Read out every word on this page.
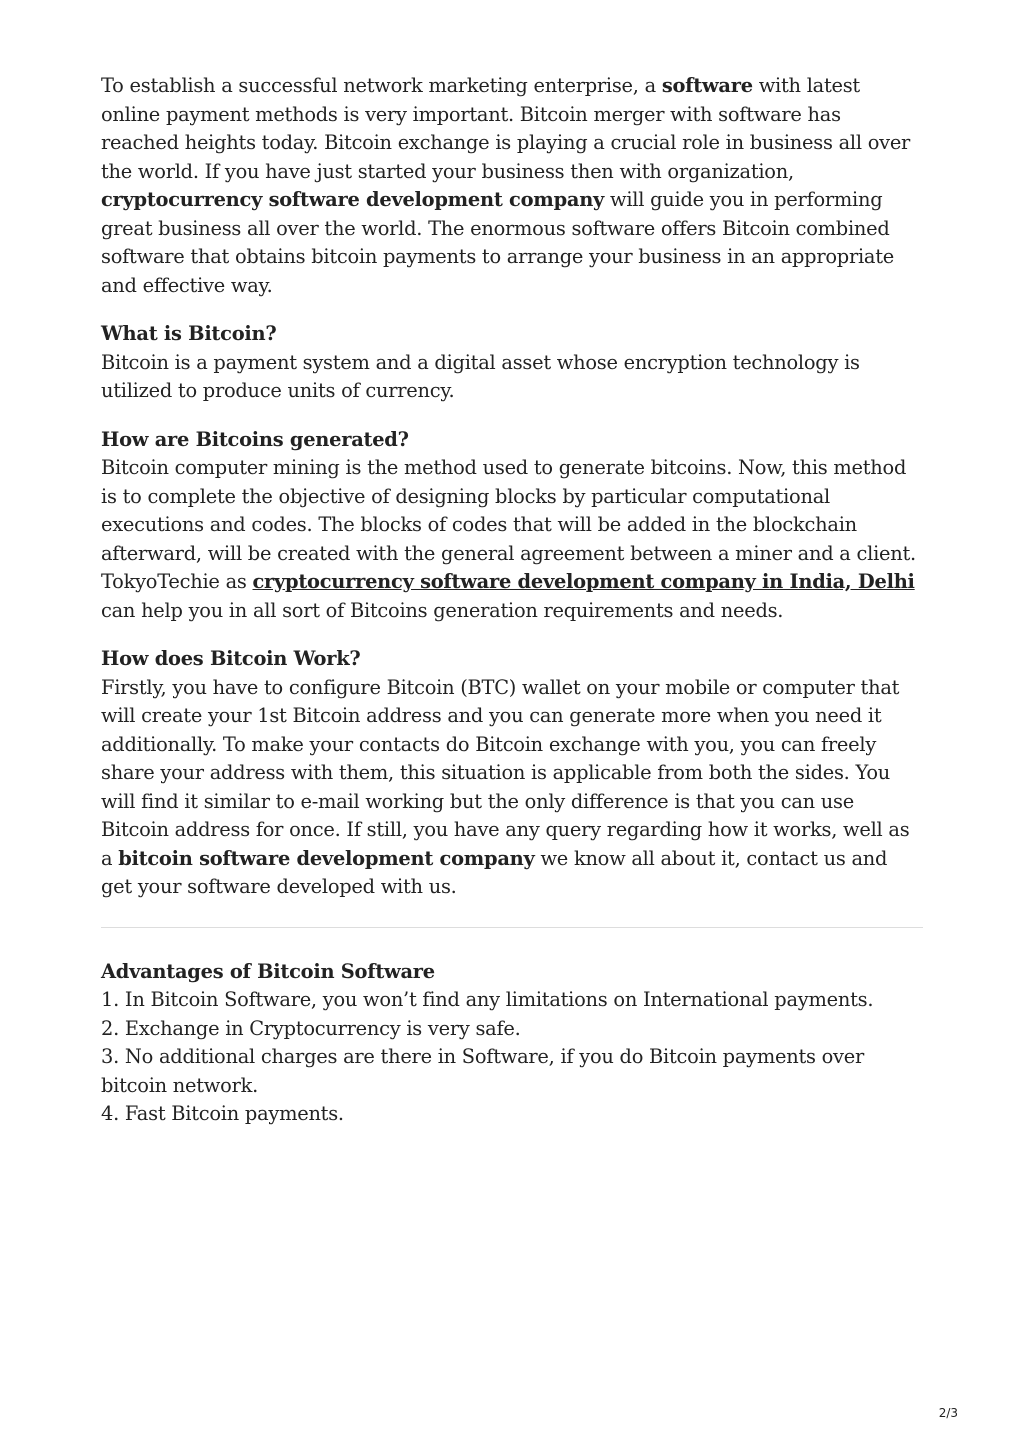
To establish a successful network marketing enterprise, a software with latest online payment methods is very important. Bitcoin merger with software has reached heights today. Bitcoin exchange is playing a crucial role in business all over the world. If you have just started your business then with organization, cryptocurrency software development company will guide you in performing great business all over the world. The enormous software offers Bitcoin combined software that obtains bitcoin payments to arrange your business in an appropriate and effective way.

What is Bitcoin?

Bitcoin is a payment system and a digital asset whose encryption technology is utilized to produce units of currency.

How are Bitcoins generated?

Bitcoin computer mining is the method used to generate bitcoins. Now, this method is to complete the objective of designing blocks by particular computational executions and codes. The blocks of codes that will be added in the blockchain afterward, will be created with the general agreement between a miner and a client. TokyoTechie as cryptocurrency software development company in India, Delhi can help you in all sort of Bitcoins generation requirements and needs.

How does Bitcoin Work?

Firstly, you have to configure Bitcoin (BTC) wallet on your mobile or computer that will create your 1st Bitcoin address and you can generate more when you need it additionally. To make your contacts do Bitcoin exchange with you, you can freely share your address with them, this situation is applicable from both the sides. You will find it similar to e-mail working but the only difference is that you can use Bitcoin address for once. If still, you have any query regarding how it works, well as a bitcoin software development company we know all about it, contact us and get your software developed with us.

Advantages of Bitcoin Software

1. In Bitcoin Software, you won’t find any limitations on International payments.
2. Exchange in Cryptocurrency is very safe.
3. No additional charges are there in Software, if you do Bitcoin payments over bitcoin network.
4. Fast Bitcoin payments.
2/3
